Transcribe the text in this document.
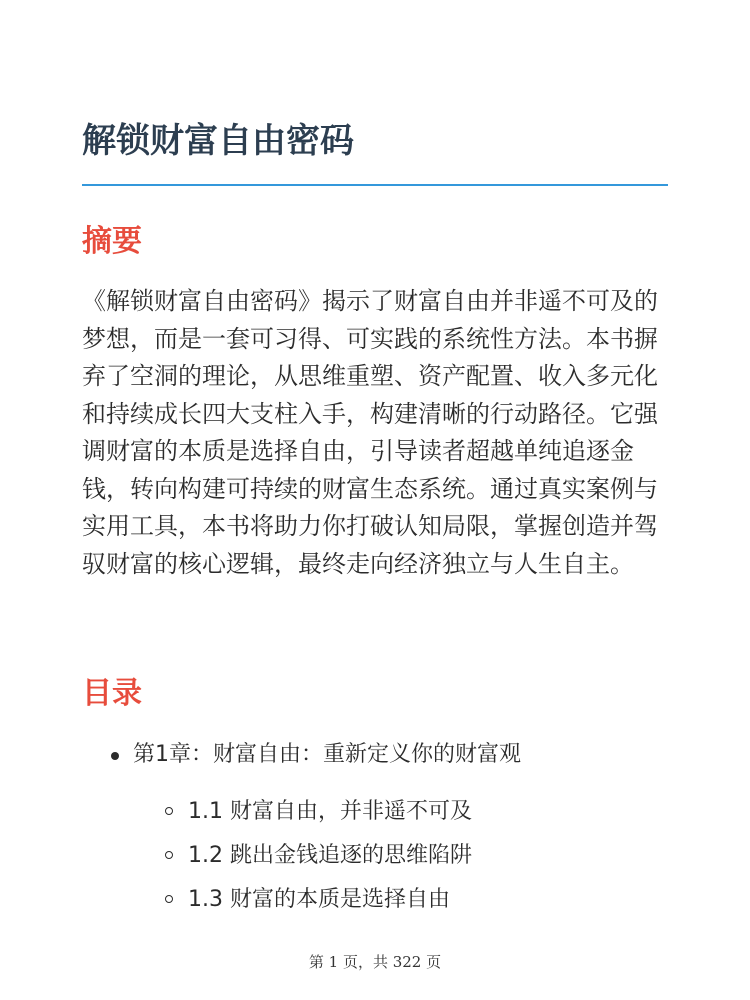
解锁财富自由密码
摘要

《解锁财富自由密码》揭示了财富自由并非遥不可及的梦想，而是一套可习得、可实践的系统性方法。本书摒弃了空洞的理论，从思维重塑、资产配置、收入多元化和持续成长四大支柱入手，构建清晰的行动路径。它强调财富的本质是选择自由，引导读者超越单纯追逐金钱，转向构建可持续的财富生态系统。通过真实案例与实用工具，本书将助力你打破认知局限，掌握创造并驾驭财富的核心逻辑，最终走向经济独立与人生自主。

目录
第1章：财富自由：重新定义你的财富观
1.1 财富自由，并非遥不可及
1.2 跳出金钱追逐的思维陷阱
1.3 财富的本质是选择自由
第 1 页，共 322 页
